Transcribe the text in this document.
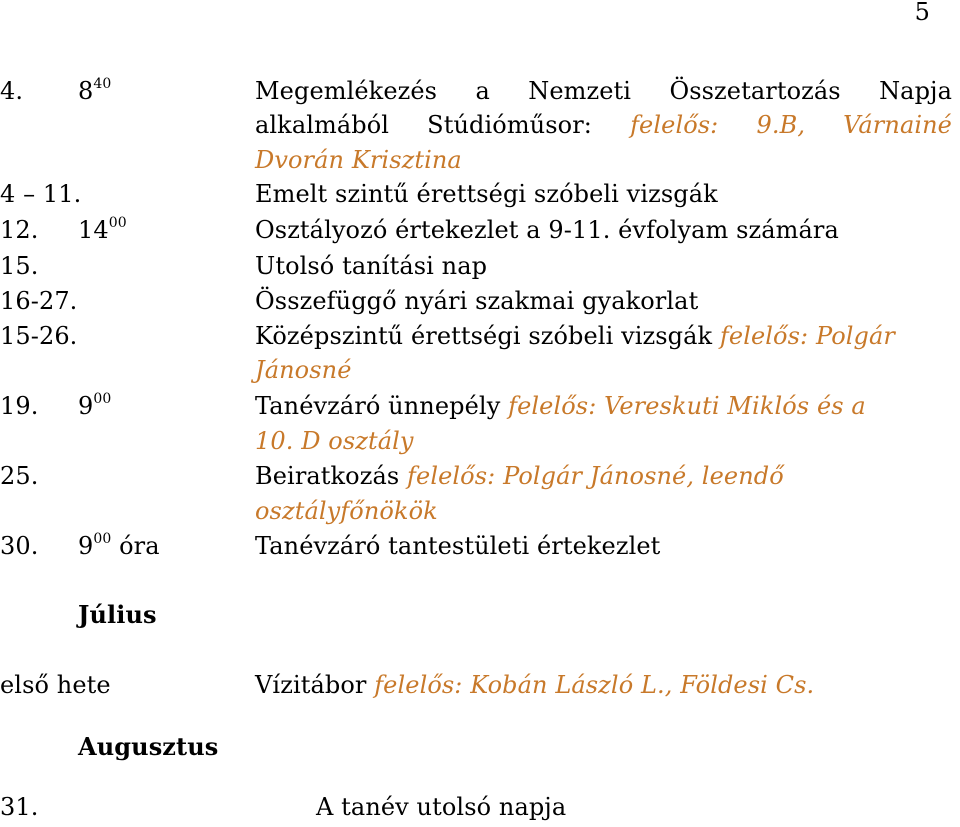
5
4. $8^{40}$	Megemlékezés a Nemzeti Összetartozás Napja
alkalmából Stúdióműsor: felelős: 9.B, Várnainé
Dvorán Krisztina
4 – 11.	Emelt szintű érettségi szóbeli vizsgák
12. $14^{00}$	Osztályozó értekezlet a 9-11. évfolyam számára
15.	Utolsó tanítási nap
16-27.	Összefüggő nyári szakmai gyakorlat
15-26.	Középszintű érettségi szóbeli vizsgák felelős: Polgár
Jánosné
19. $9^{00}$	Tanévzáró ünnepély felelős: Vereskuti Miklós és a
10. D osztály
25.	Beiratkozás felelős: Polgár Jánosné, leendő
osztályfőnökök
30. $9^{00}$ óra	Tanévzáró tantestületi értekezlet
Július
első hete	Vízitábor felelős: Kobán László L., Földesi Cs.
Augusztus
31.	A tanév utolsó napja
